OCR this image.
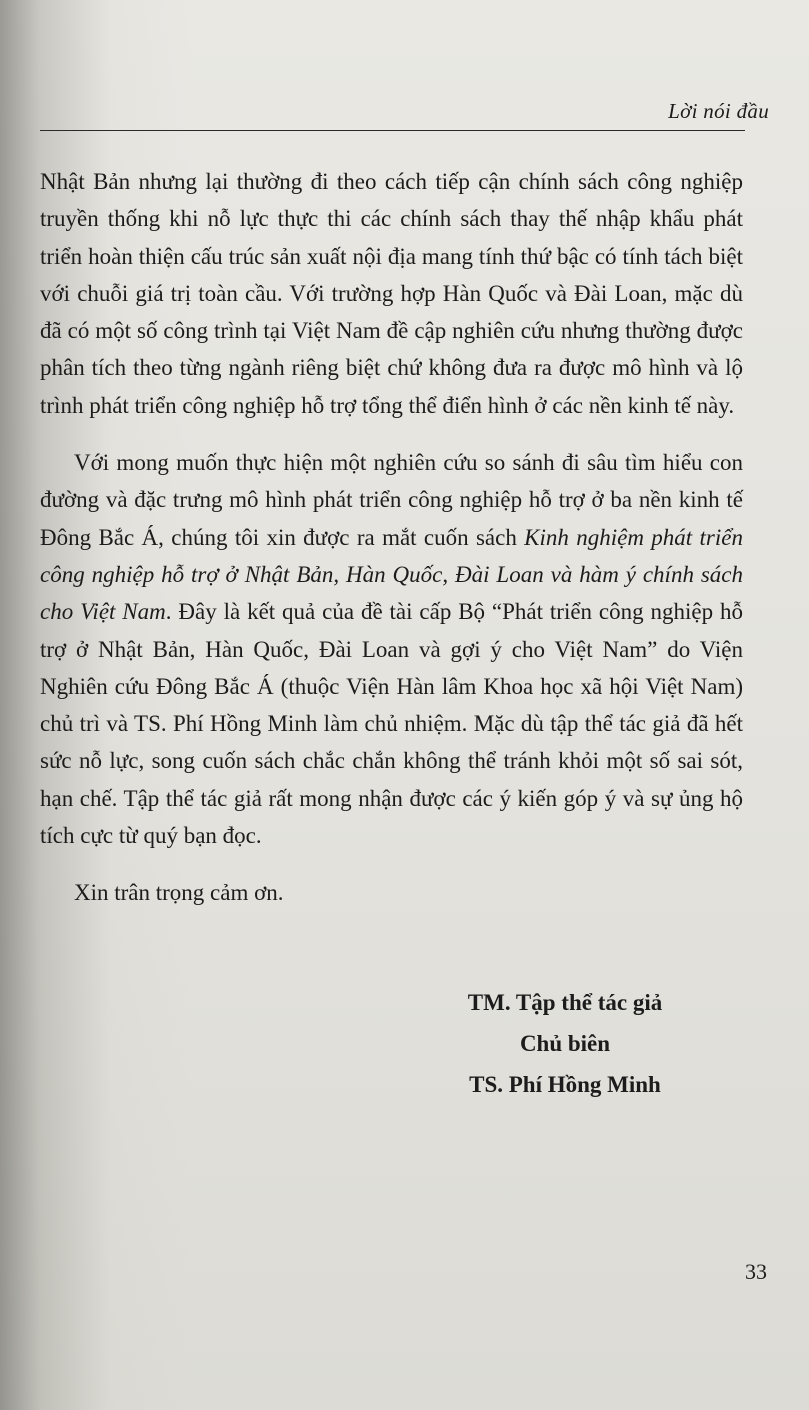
Lời nói đầu

Nhật Bản nhưng lại thường đi theo cách tiếp cận chính sách công nghiệp truyền thống khi nỗ lực thực thi các chính sách thay thế nhập khẩu phát triển hoàn thiện cấu trúc sản xuất nội địa mang tính thứ bậc có tính tách biệt với chuỗi giá trị toàn cầu. Với trường hợp Hàn Quốc và Đài Loan, mặc dù đã có một số công trình tại Việt Nam đề cập nghiên cứu nhưng thường được phân tích theo từng ngành riêng biệt chứ không đưa ra được mô hình và lộ trình phát triển công nghiệp hỗ trợ tổng thể điển hình ở các nền kinh tế này.

Với mong muốn thực hiện một nghiên cứu so sánh đi sâu tìm hiểu con đường và đặc trưng mô hình phát triển công nghiệp hỗ trợ ở ba nền kinh tế Đông Bắc Á, chúng tôi xin được ra mắt cuốn sách Kinh nghiệm phát triển công nghiệp hỗ trợ ở Nhật Bản, Hàn Quốc, Đài Loan và hàm ý chính sách cho Việt Nam. Đây là kết quả của đề tài cấp Bộ “Phát triển công nghiệp hỗ trợ ở Nhật Bản, Hàn Quốc, Đài Loan và gợi ý cho Việt Nam” do Viện Nghiên cứu Đông Bắc Á (thuộc Viện Hàn lâm Khoa học xã hội Việt Nam) chủ trì và TS. Phí Hồng Minh làm chủ nhiệm. Mặc dù tập thể tác giả đã hết sức nỗ lực, song cuốn sách chắc chắn không thể tránh khỏi một số sai sót, hạn chế. Tập thể tác giả rất mong nhận được các ý kiến góp ý và sự ủng hộ tích cực từ quý bạn đọc.

Xin trân trọng cảm ơn.

TM. Tập thể tác giả
Chủ biên
TS. Phí Hồng Minh
33
